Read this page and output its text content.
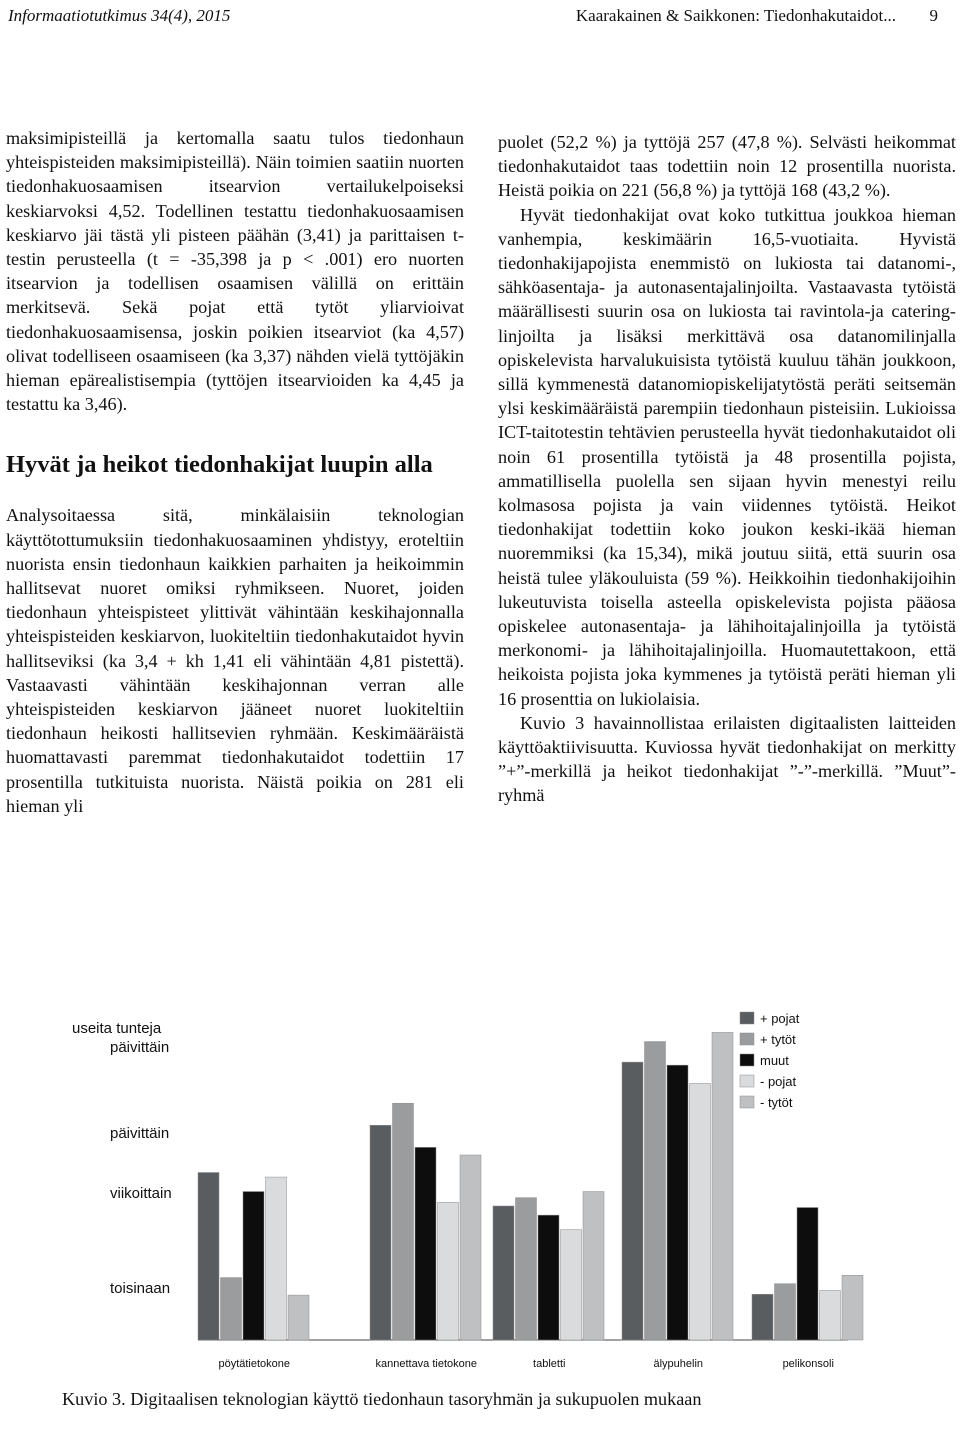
Informaatiotutkimus 34(4), 2015	Kaarakainen & Saikkonen: Tiedonhakutaidot... 9

maksimipisteillä ja kertomalla saatu tulos tiedonhaun yhteispisteiden maksimipisteillä). Näin toimien saatiin nuorten tiedonhakuosaamisen itsearvion vertailukelpoiseksi keskiarvoksi 4,52. Todellinen testattu tiedonhakuosaamisen keskiarvo jäi tästä yli pisteen päähän (3,41) ja parittaisen t-testin perusteella (t = -35,398 ja p < .001) ero nuorten itsearvion ja todellisen osaamisen välillä on erittäin merkitsevä. Sekä pojat että tytöt yliarvioivat tiedonhakuosaamisensa, joskin poikien itsearviot (ka 4,57) olivat todelliseen osaamiseen (ka 3,37) nähden vielä tyttöjäkin hieman epärealistisempia (tyttöjen itsearvioiden ka 4,45 ja testattu ka 3,46).

Hyvät ja heikot tiedonhakijat luupin alla

Analysoitaessa sitä, minkälaisiin teknologian käyttötottumuksiin tiedonhakuosaaminen yhdistyy, eroteltiin nuorista ensin tiedonhaun kaikkien parhaiten ja heikoimmin hallitsevat nuoret omiksi ryhmikseen. Nuoret, joiden tiedonhaun yhteispisteet ylittivät vähintään keskihajonnalla yhteispisteiden keskiarvon, luokiteltiin tiedonhakutaidot hyvin hallitseviksi (ka 3,4 + kh 1,41 eli vähintään 4,81 pistettä). Vastaavasti vähintään keskihajonnan verran alle yhteispisteiden keskiarvon jääneet nuoret luokiteltiin tiedonhaun heikosti hallitsevien ryhmään. Keskimääräistä huomattavasti paremmat tiedonhakutaidot todettiin 17 prosentilla tutkituista nuorista. Näistä poikia on 281 eli hieman yli

puolet (52,2 %) ja tyttöjä 257 (47,8 %). Selvästi heikommat tiedonhakutaidot taas todettiin noin 12 prosentilla nuorista. Heistä poikia on 221 (56,8 %) ja tyttöjä 168 (43,2 %).

Hyvät tiedonhakijat ovat koko tutkittua joukkoa hieman vanhempia, keskimäärin 16,5-vuotiaita. Hyvistä tiedonhakijapojista enemmistö on lukiosta tai datanomi-, sähköasentaja- ja autonasentajalinjoilta. Vastaavasta tytöistä määrällisesti suurin osa on lukiosta tai ravintola-ja catering-linjoilta ja lisäksi merkittävä osa datanomilinjalla opiskelevista harvalukuisista tytöistä kuuluu tähän joukkoon, sillä kymmenestä datanomiopiskelijatytöstä peräti seitsemän ylsi keskimääräistä parempiin tiedonhaun pisteisiin. Lukioissa ICT-taitotestin tehtävien perusteella hyvät tiedonhakutaidot oli noin 61 prosentilla tytöistä ja 48 prosentilla pojista, ammatillisella puolella sen sijaan hyvin menestyi reilu kolmasosa pojista ja vain viidennes tytöistä. Heikot tiedonhakijat todettiin koko joukon keski-ikää hieman nuoremmiksi (ka 15,34), mikä joutuu siitä, että suurin osa heistä tulee yläkouluista (59 %). Heikkoihin tiedonhakijoihin lukeutuvista toisella asteella opiskelevista pojista pääosa opiskelee autonasentaja- ja lähihoitajalinjoilla ja tytöistä merkonomi- ja lähihoitajalinjoilla. Huomautettakoon, että heikoista pojista joka kymmenes ja tytöistä peräti hieman yli 16 prosenttia on lukiolaisia.

Kuvio 3 havainnollistaa erilaisten digitaalisten laitteiden käyttöaktiivisuutta. Kuviossa hyvät tiedonhakijat on merkitty ”+”-merkillä ja heikot tiedonhakijat ”-”-merkillä. ”Muut”-ryhmä

toisinaan
viikoittain
päivittäin
useita tunteja
päivittäin
pöytätietokone	kannettava tietokone	tabletti	älypuhelin	pelikonsoli
+ pojat
+ tytöt
muut
- pojat
- tytöt
Kuvio 3. Digitaalisen teknologian käyttö tiedonhaun tasoryhmän ja sukupuolen mukaan
